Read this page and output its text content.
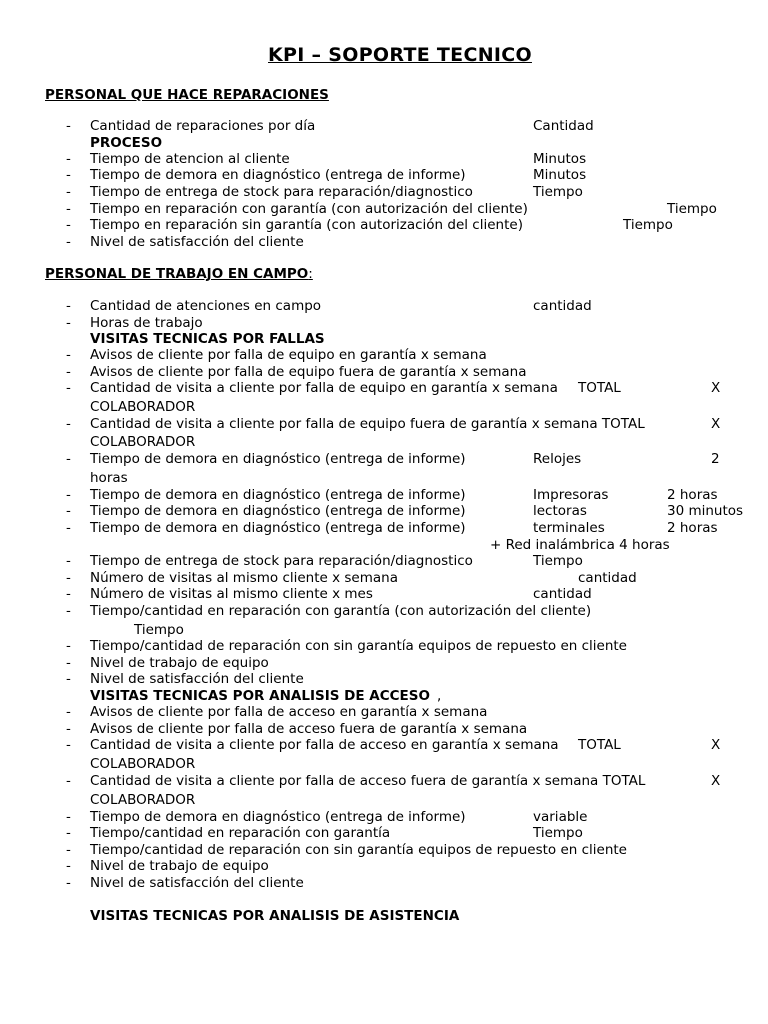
KPI – SOPORTE TECNICO
PERSONAL QUE HACE REPARACIONES
PERSONAL DE TRABAJO EN CAMPO:
- Cantidad de reparaciones por día	Cantidad
PROCESO
- Tiempo de atencion al cliente	Minutos
- Tiempo de demora en diagnóstico (entrega de informe)	Minutos
- Tiempo de entrega de stock para reparación/diagnostico	Tiempo
- Tiempo en reparación con garantía (con autorización del cliente)	Tiempo
- Tiempo en reparación sin garantía (con autorización del cliente)	Tiempo
- Nivel de satisfacción del cliente
- Cantidad de atenciones en campo	cantidad
- Horas de trabajo
VISITAS TECNICAS POR FALLAS
- Avisos de cliente por falla de equipo en garantía x semana
- Avisos de cliente por falla de equipo fuera de garantía x semana
- Cantidad de visita a cliente por falla de equipo en garantía x semana TOTAL	X
COLABORADOR
- Cantidad de visita a cliente por falla de equipo fuera de garantía x semana TOTAL	X
COLABORADOR
- Tiempo de demora en diagnóstico (entrega de informe)	Relojes	2
horas
- Tiempo de demora en diagnóstico (entrega de informe)	Impresoras	2 horas
- Tiempo de demora en diagnóstico (entrega de informe)	lectoras	30 minutos
- Tiempo de demora en diagnóstico (entrega de informe)	terminales	2 horas
+ Red inalámbrica 4 horas
- Tiempo de entrega de stock para reparación/diagnostico	Tiempo
- Número de visitas al mismo cliente x semana	cantidad
- Número de visitas al mismo cliente x mes	cantidad
- Tiempo/cantidad en reparación con garantía (con autorización del cliente)
Tiempo
- Tiempo/cantidad de reparación con sin garantía equipos de repuesto en cliente
- Nivel de trabajo de equipo
- Nivel de satisfacción del cliente
VISITAS TECNICAS POR ANALISIS DE ACCESO ,
- Avisos de cliente por falla de acceso en garantía x semana
- Avisos de cliente por falla de acceso fuera de garantía x semana
- Cantidad de visita a cliente por falla de acceso en garantía x semana TOTAL	X
COLABORADOR
- Cantidad de visita a cliente por falla de acceso fuera de garantía x semana TOTAL	X
COLABORADOR
- Tiempo de demora en diagnóstico (entrega de informe)	variable
- Tiempo/cantidad en reparación con garantía	Tiempo
- Tiempo/cantidad de reparación con sin garantía equipos de repuesto en cliente
- Nivel de trabajo de equipo
- Nivel de satisfacción del cliente
VISITAS TECNICAS POR ANALISIS DE ASISTENCIA
